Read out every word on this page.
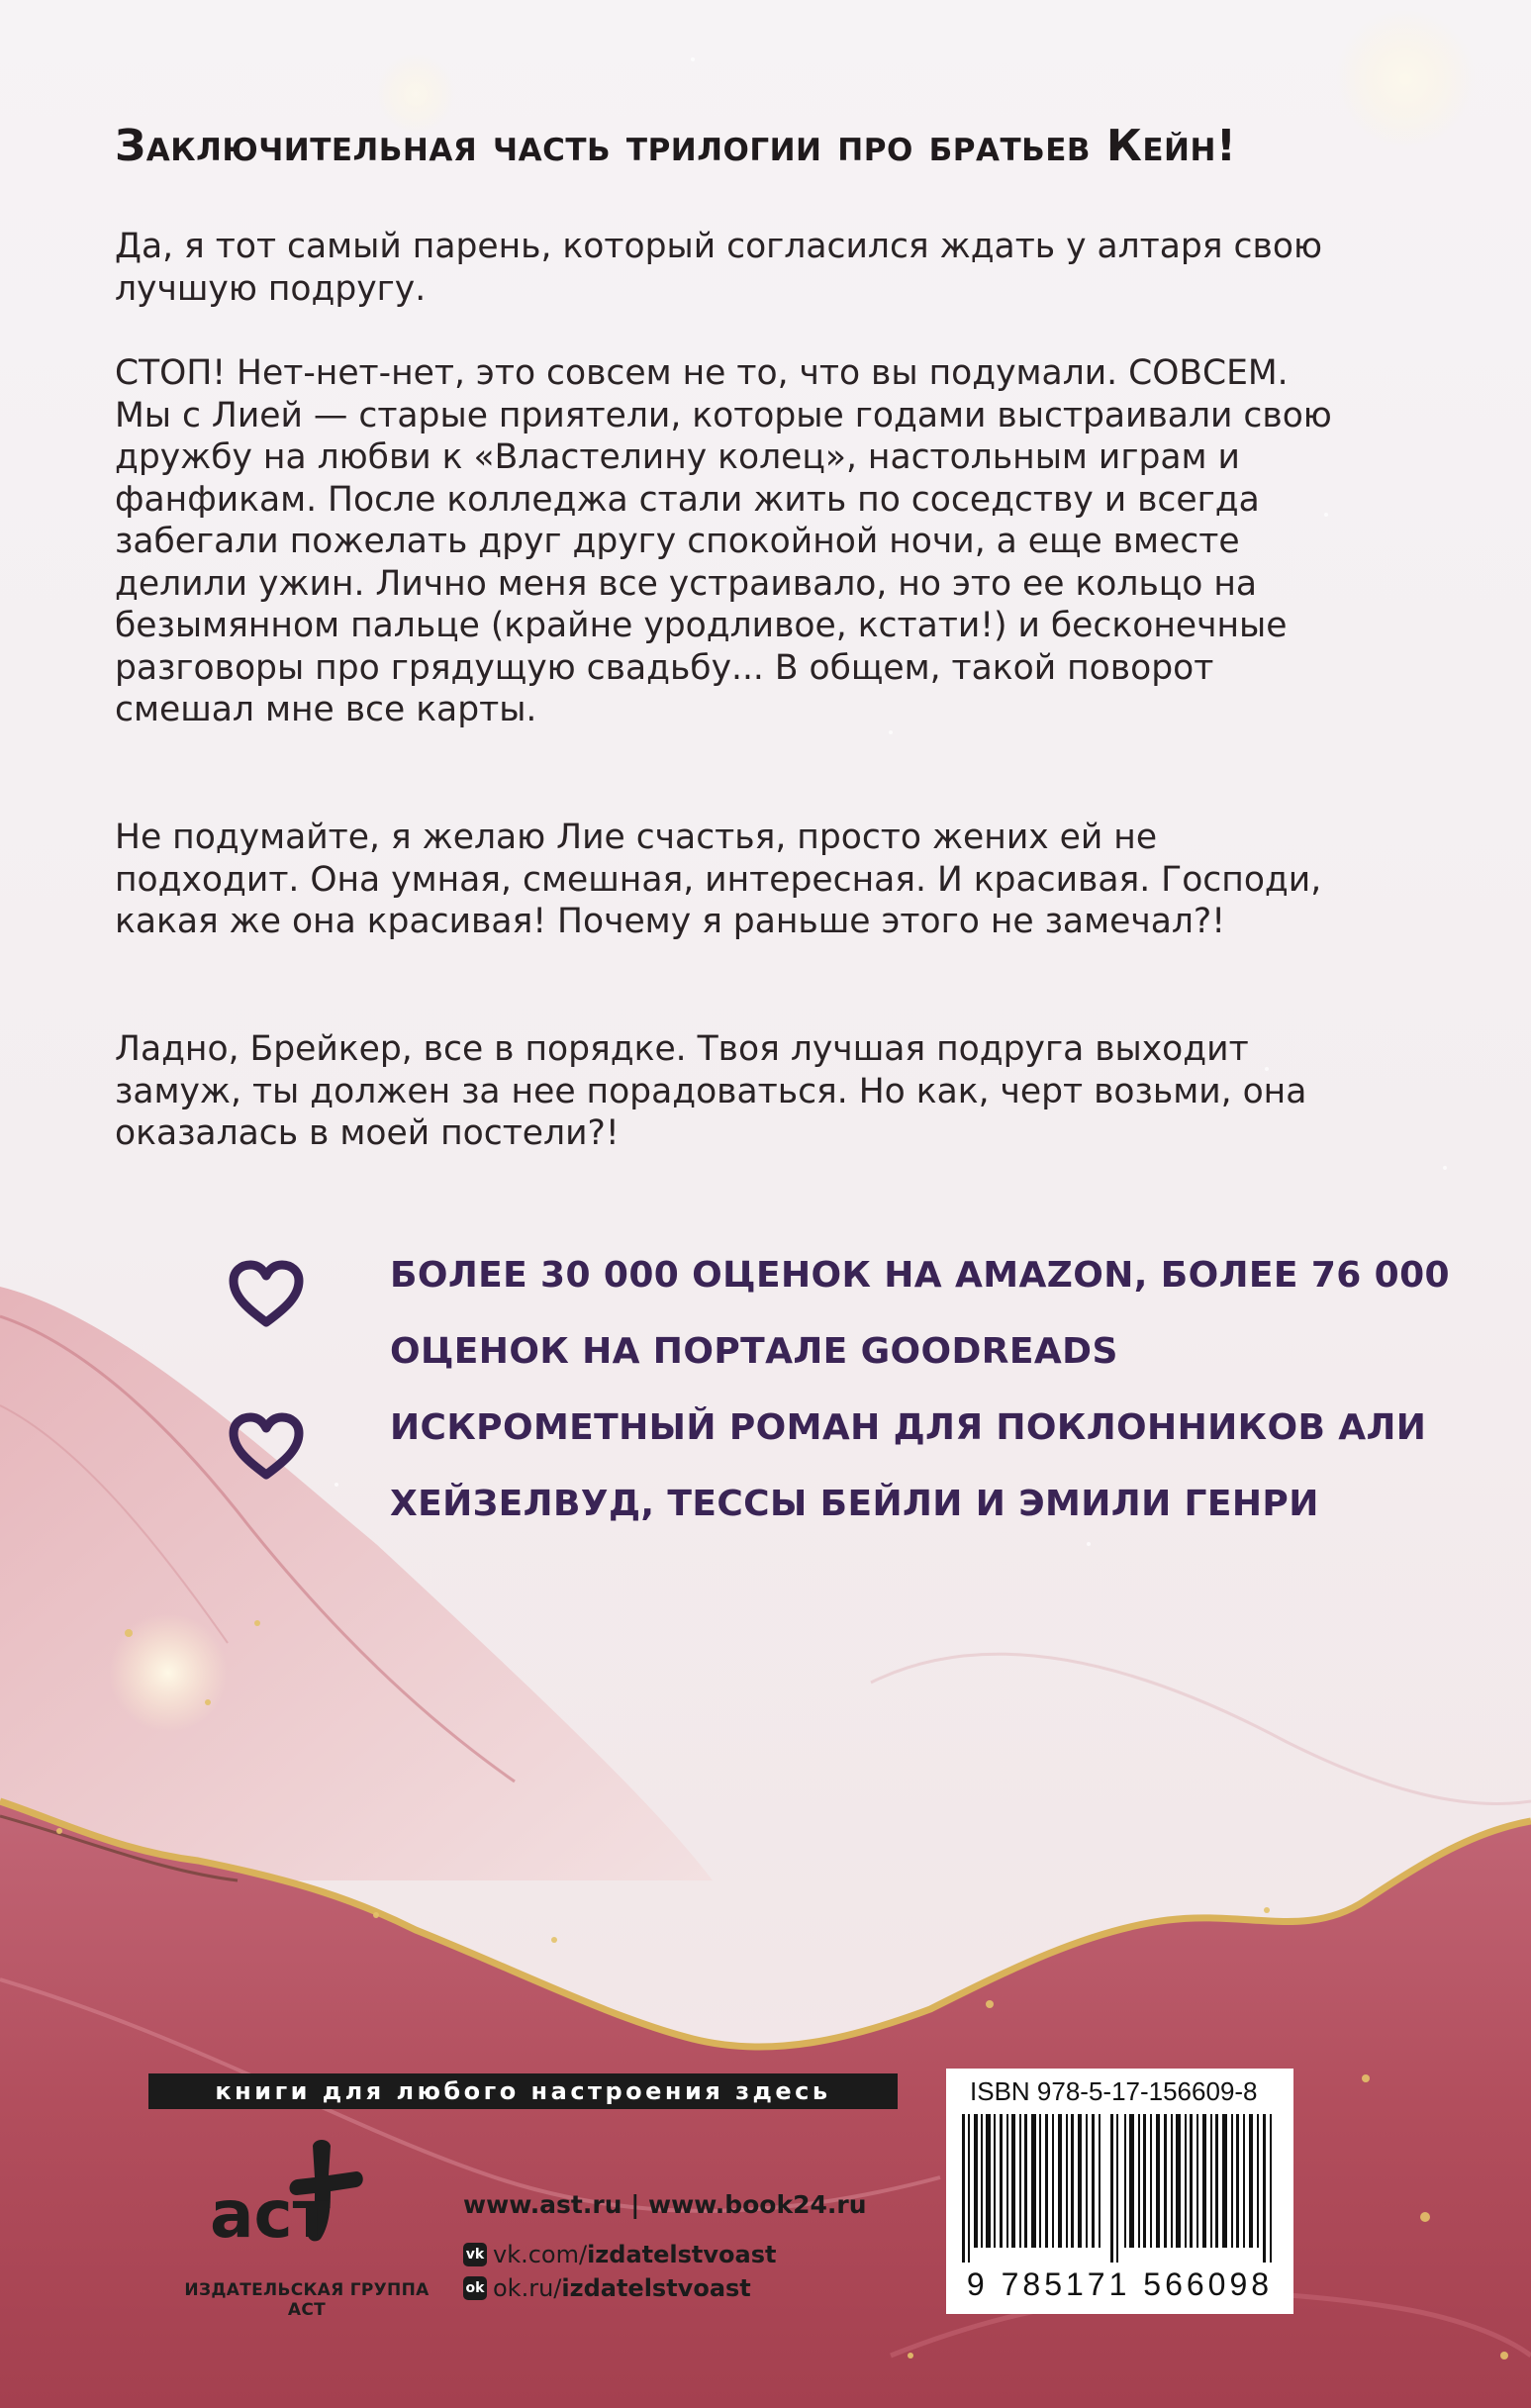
Заключительная часть трилогии про братьев Кейн!

Да, я тот самый парень, который согласился ждать у алтаря свою лучшую подругу.

СТОП! Нет-нет-нет, это совсем не то, что вы подумали. СОВСЕМ. Мы с Лией — старые приятели, которые годами выстраивали свою дружбу на любви к «Властелину колец», настольным играм и фанфикам. После колледжа стали жить по соседству и всегда забегали пожелать друг другу спокойной ночи, а еще вместе делили ужин. Лично меня все устраивало, но это ее кольцо на безымянном пальце (крайне уродливое, кстати!) и бесконечные разговоры про грядущую свадьбу... В общем, такой поворот смешал мне все карты.

Не подумайте, я желаю Лие счастья, просто жених ей не подходит. Она умная, смешная, интересная. И красивая. Господи, какая же она красивая! Почему я раньше этого не замечал?!

Ладно, Брейкер, все в порядке. Твоя лучшая подруга выходит замуж, ты должен за нее порадоваться. Но как, черт возьми, она оказалась в моей постели?!

БОЛЕЕ 30 000 ОЦЕНОК НА AMAZON, БОЛЕЕ 76 000

ОЦЕНОК НА ПОРТАЛЕ GOODREADS

ИСКРОМЕТНЫЙ РОМАН ДЛЯ ПОКЛОННИКОВ АЛИ

ХЕЙЗЕЛВУД, ТЕССЫ БЕЙЛИ И ЭМИЛИ ГЕНРИ

книги для любого настроения здесь

аст

ИЗДАТЕЛЬСКАЯ ГРУППА АСТ

www.ast.ru | www.book24.ru

vk vk.com/ izdatelstvoast

ok ok.ru/ izdatelstvoast

ISBN 978-5-17-156609-8

9 785171 566098
